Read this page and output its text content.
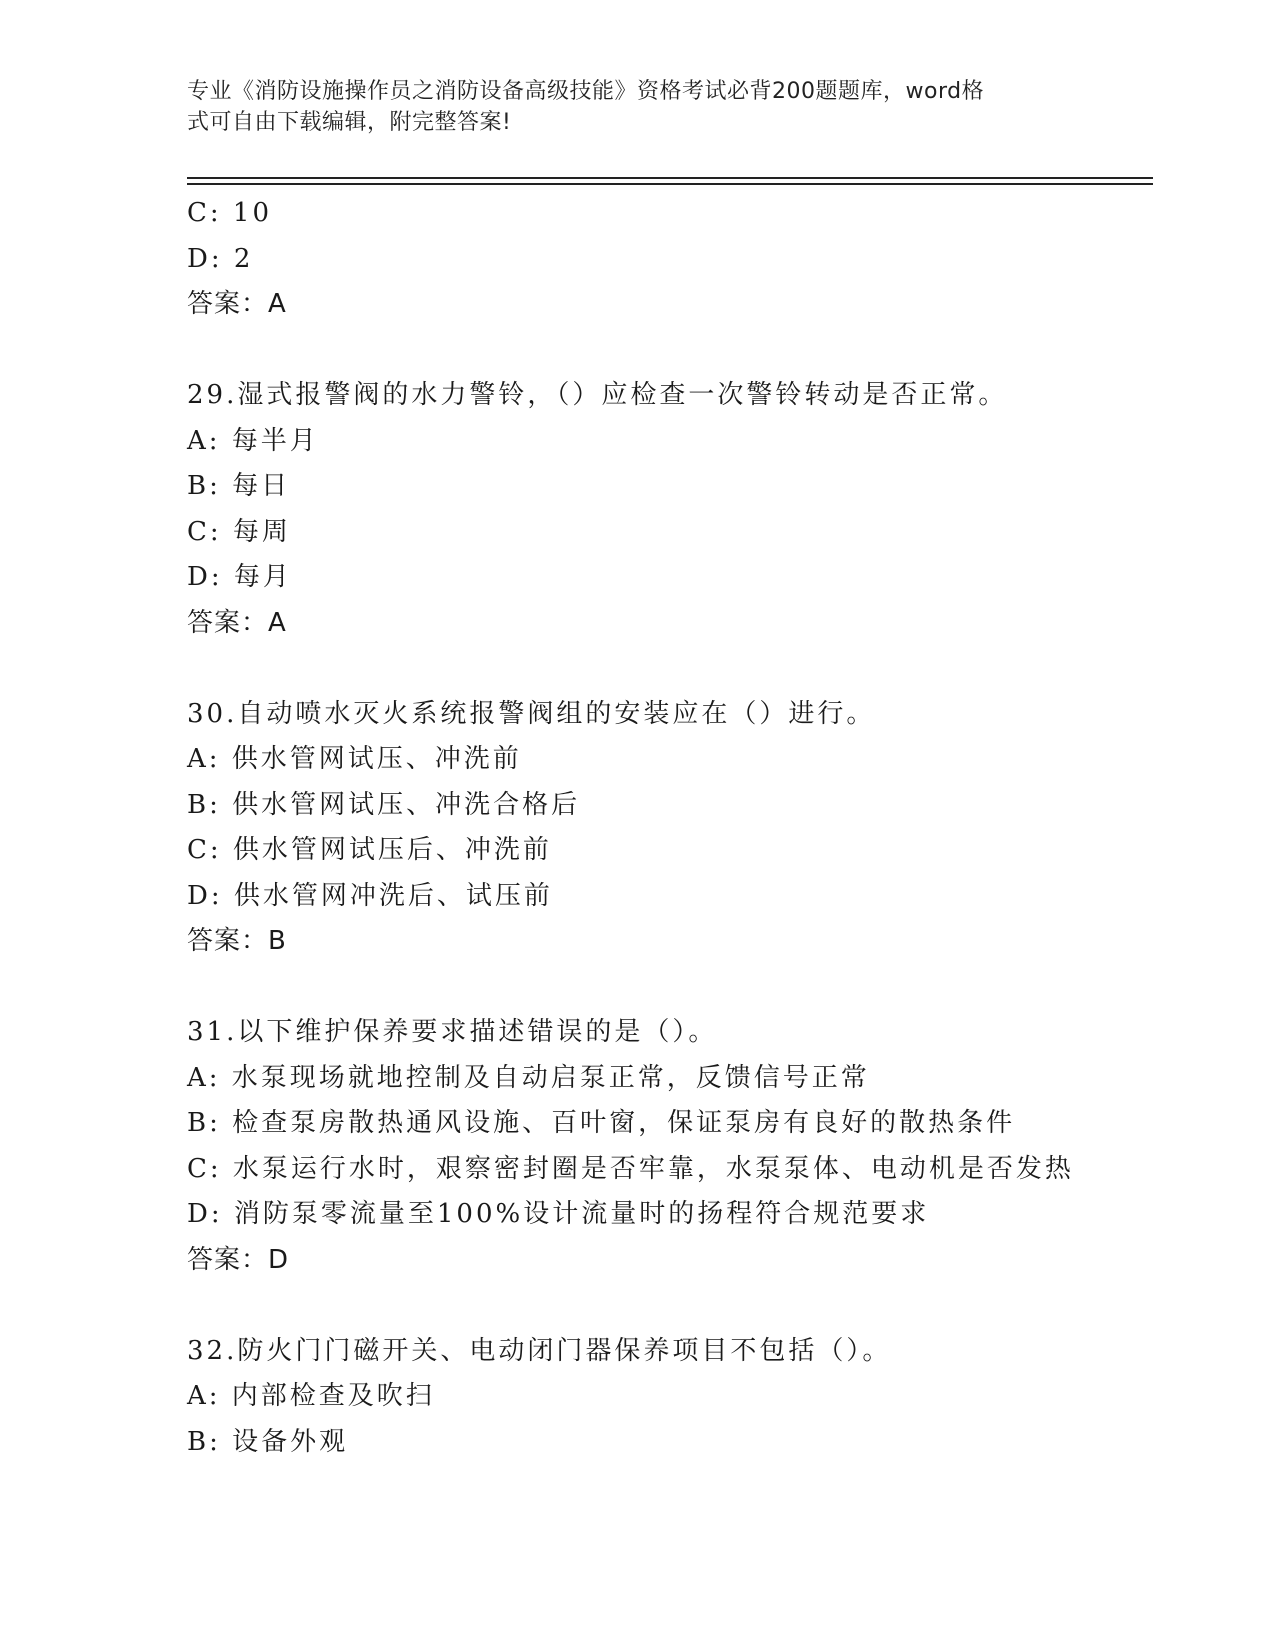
专业《消防设施操作员之消防设备高级技能》资格考试必背200题题库，word格
式可自由下载编辑，附完整答案!
C: 10
D: 2
答案：A
29.湿式报警阀的水力警铃，（）应检查一次警铃转动是否正常。
A: 每半月
B: 每日
C: 每周
D: 每月
答案：A
30.自动喷水灭火系统报警阀组的安装应在（）进行。
A: 供水管网试压、冲洗前
B: 供水管网试压、冲洗合格后
C: 供水管网试压后、冲洗前
D: 供水管网冲洗后、试压前
答案：B
31.以下维护保养要求描述错误的是（）。
A: 水泵现场就地控制及自动启泵正常，反馈信号正常
B: 检查泵房散热通风设施、百叶窗，保证泵房有良好的散热条件
C: 水泵运行水时，艰察密封圈是否牢靠，水泵泵体、电动机是否发热
D: 消防泵零流量至100%设计流量时的扬程符合规范要求
答案：D
32.防火门门磁开关、电动闭门器保养项目不包括（）。
A: 内部检查及吹扫
B: 设备外观
